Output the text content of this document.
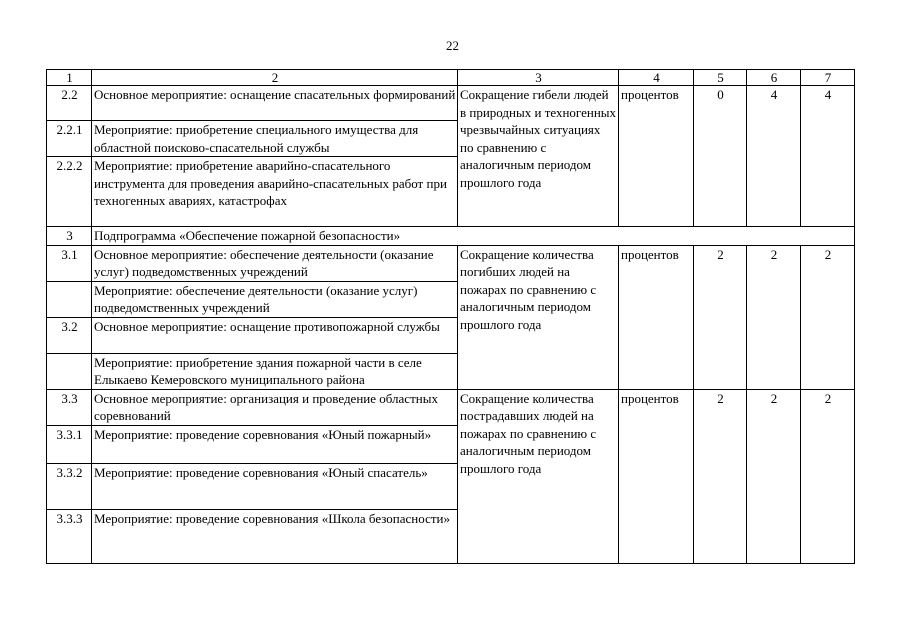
22
1	2	3	4	5	6	7
2.2	Основное мероприятие: оснащение спасательных формирований	Сокращение гибели людей в природных и техногенных чрезвычайных ситуациях по сравнению с аналогичным периодом прошлого года	процентов	0	4	4
2.2.1	Мероприятие: приобретение специального имущества для областной поисково-спасательной службы					
2.2.2	Мероприятие: приобретение аварийно-спасательного инструмента для проведения аварийно-спасательных работ при техногенных авариях, катастрофах					
3	Подпрограмма «Обеспечение пожарной безопасности»					
3.1	Основное мероприятие: обеспечение деятельности (оказание услуг) подведомственных учреждений	Сокращение количества погибших людей на пожарах по сравнению с аналогичным периодом прошлого года	процентов	2	2	2
	Мероприятие: обеспечение деятельности (оказание услуг) подведомственных учреждений					
3.2	Основное мероприятие: оснащение противопожарной службы					
	Мероприятие: приобретение здания пожарной части в селе Елыкаево Кемеровского муниципального района					
3.3	Основное мероприятие: организация и проведение областных соревнований	Сокращение количества пострадавших людей на пожарах по сравнению с аналогичным периодом прошлого года	процентов	2	2	2
3.3.1	Мероприятие: проведение соревнования «Юный пожарный»					
3.3.2	Мероприятие: проведение соревнования «Юный спасатель»					
3.3.3	Мероприятие: проведение соревнования «Школа безопасности»					
